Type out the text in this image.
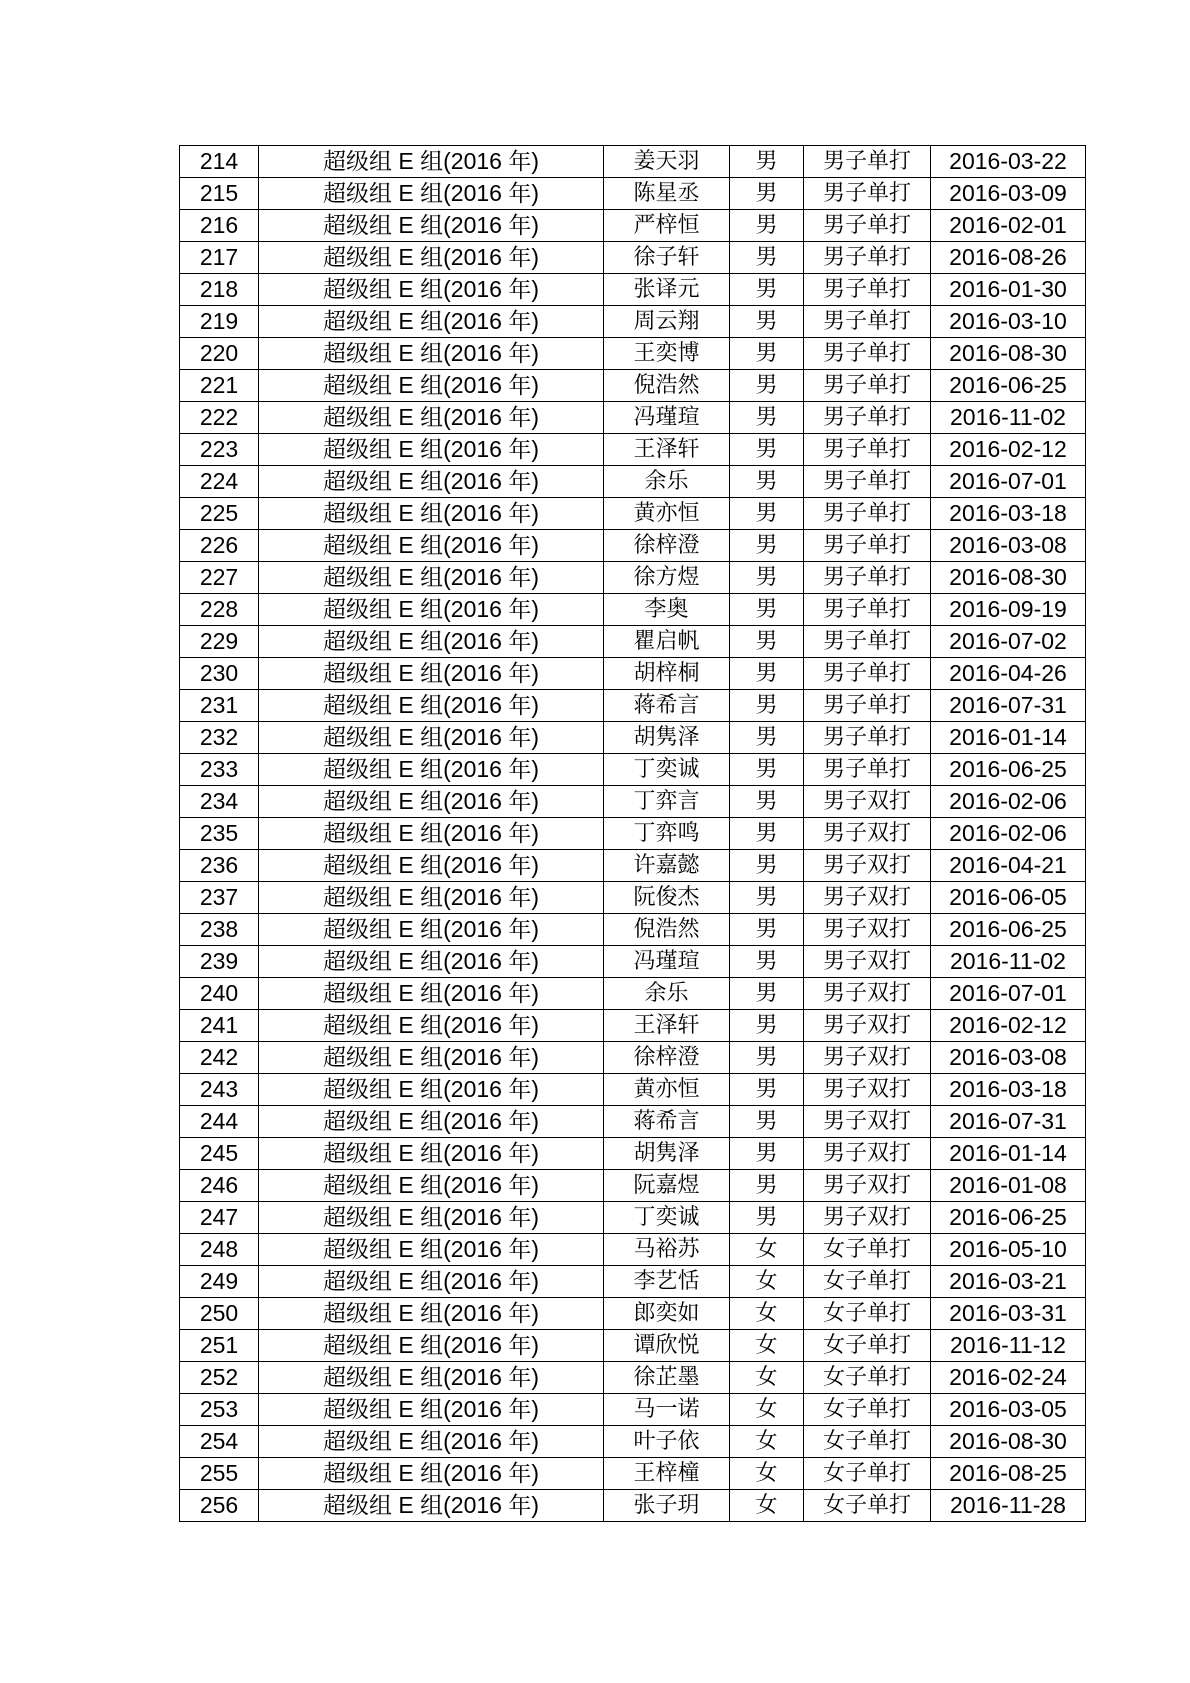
214	超级组 E 组(2016 年)	姜天羽	男	男子单打	2016-03-22
215	超级组 E 组(2016 年)	陈星丞	男	男子单打	2016-03-09
216	超级组 E 组(2016 年)	严梓恒	男	男子单打	2016-02-01
217	超级组 E 组(2016 年)	徐子轩	男	男子单打	2016-08-26
218	超级组 E 组(2016 年)	张译元	男	男子单打	2016-01-30
219	超级组 E 组(2016 年)	周云翔	男	男子单打	2016-03-10
220	超级组 E 组(2016 年)	王奕博	男	男子单打	2016-08-30
221	超级组 E 组(2016 年)	倪浩然	男	男子单打	2016-06-25
222	超级组 E 组(2016 年)	冯瑾瑄	男	男子单打	2016-11-02
223	超级组 E 组(2016 年)	王泽轩	男	男子单打	2016-02-12
224	超级组 E 组(2016 年)	余乐	男	男子单打	2016-07-01
225	超级组 E 组(2016 年)	黄亦恒	男	男子单打	2016-03-18
226	超级组 E 组(2016 年)	徐梓澄	男	男子单打	2016-03-08
227	超级组 E 组(2016 年)	徐方煜	男	男子单打	2016-08-30
228	超级组 E 组(2016 年)	李奥	男	男子单打	2016-09-19
229	超级组 E 组(2016 年)	瞿启帆	男	男子单打	2016-07-02
230	超级组 E 组(2016 年)	胡梓桐	男	男子单打	2016-04-26
231	超级组 E 组(2016 年)	蒋希言	男	男子单打	2016-07-31
232	超级组 E 组(2016 年)	胡隽泽	男	男子单打	2016-01-14
233	超级组 E 组(2016 年)	丁奕诚	男	男子单打	2016-06-25
234	超级组 E 组(2016 年)	丁弈言	男	男子双打	2016-02-06
235	超级组 E 组(2016 年)	丁弈鸣	男	男子双打	2016-02-06
236	超级组 E 组(2016 年)	许嘉懿	男	男子双打	2016-04-21
237	超级组 E 组(2016 年)	阮俊杰	男	男子双打	2016-06-05
238	超级组 E 组(2016 年)	倪浩然	男	男子双打	2016-06-25
239	超级组 E 组(2016 年)	冯瑾瑄	男	男子双打	2016-11-02
240	超级组 E 组(2016 年)	余乐	男	男子双打	2016-07-01
241	超级组 E 组(2016 年)	王泽轩	男	男子双打	2016-02-12
242	超级组 E 组(2016 年)	徐梓澄	男	男子双打	2016-03-08
243	超级组 E 组(2016 年)	黄亦恒	男	男子双打	2016-03-18
244	超级组 E 组(2016 年)	蒋希言	男	男子双打	2016-07-31
245	超级组 E 组(2016 年)	胡隽泽	男	男子双打	2016-01-14
246	超级组 E 组(2016 年)	阮嘉煜	男	男子双打	2016-01-08
247	超级组 E 组(2016 年)	丁奕诚	男	男子双打	2016-06-25
248	超级组 E 组(2016 年)	马裕苏	女	女子单打	2016-05-10
249	超级组 E 组(2016 年)	李艺恬	女	女子单打	2016-03-21
250	超级组 E 组(2016 年)	郎奕如	女	女子单打	2016-03-31
251	超级组 E 组(2016 年)	谭欣悦	女	女子单打	2016-11-12
252	超级组 E 组(2016 年)	徐芷墨	女	女子单打	2016-02-24
253	超级组 E 组(2016 年)	马一诺	女	女子单打	2016-03-05
254	超级组 E 组(2016 年)	叶子依	女	女子单打	2016-08-30
255	超级组 E 组(2016 年)	王梓橦	女	女子单打	2016-08-25
256	超级组 E 组(2016 年)	张子玥	女	女子单打	2016-11-28
